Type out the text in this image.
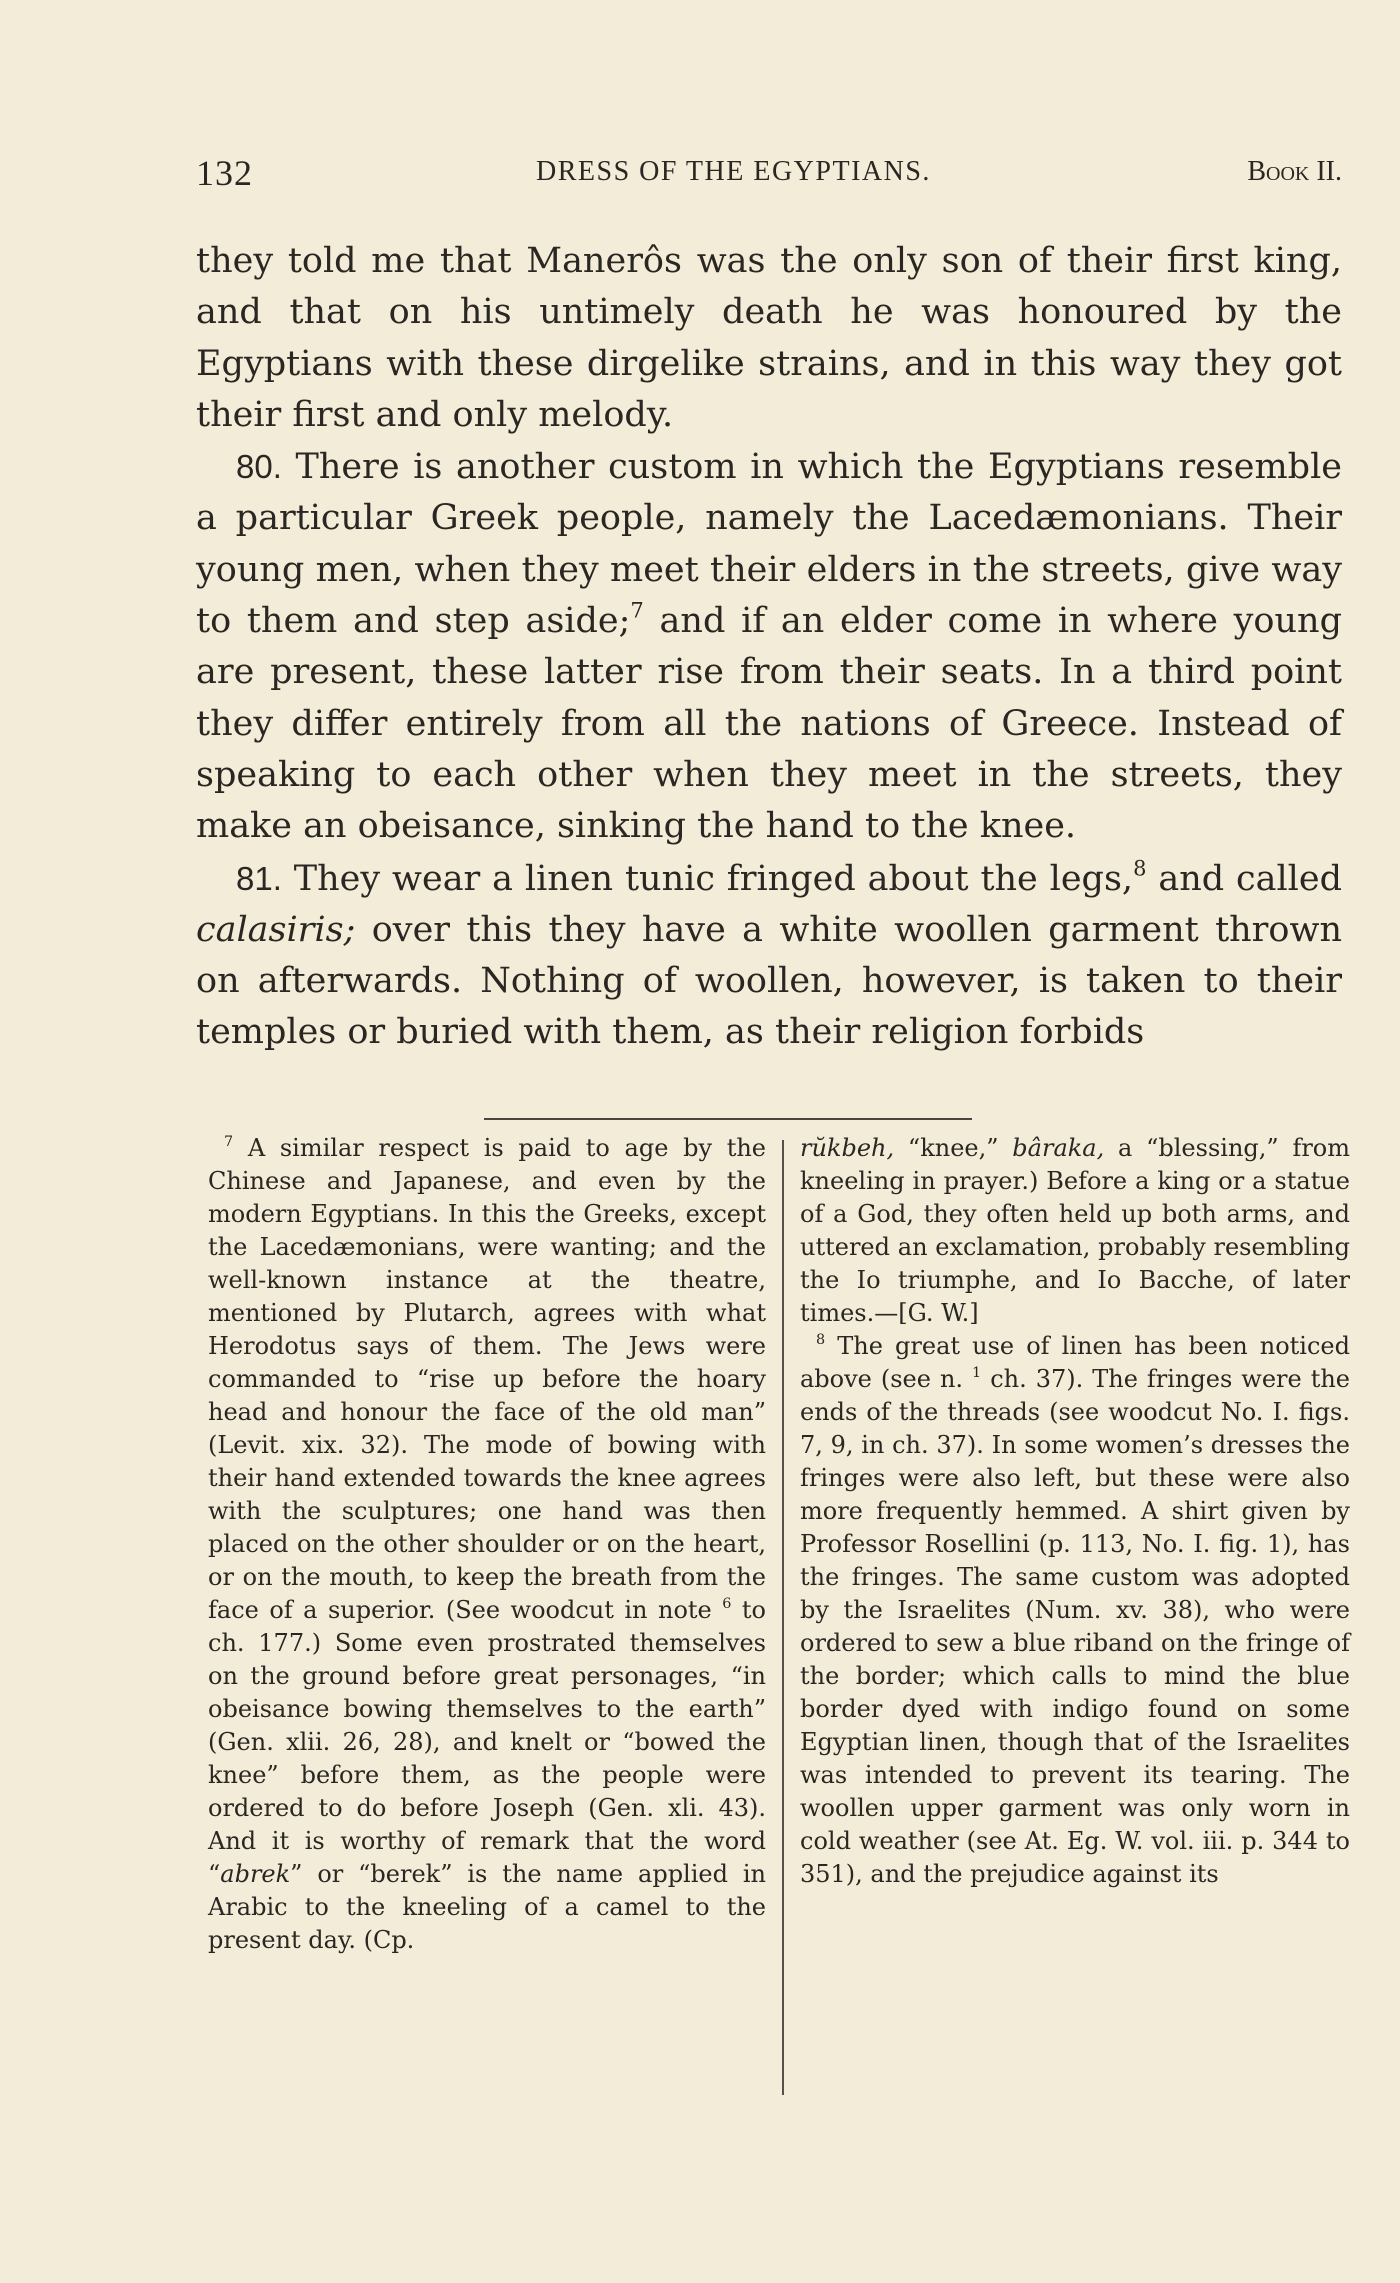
132	DRESS OF THE EGYPTIANS.	Book II.

they told me that Manerôs was the only son of their first king, and that on his untimely death he was honoured by the Egyptians with these dirgelike strains, and in this way they got their first and only melody.

80. There is another custom in which the Egyptians resemble a particular Greek people, namely the Lacedæmonians. Their young men, when they meet their elders in the streets, give way to them and step aside;$^7$ and if an elder come in where young are present, these latter rise from their seats. In a third point they differ entirely from all the nations of Greece. Instead of speaking to each other when they meet in the streets, they make an obeisance, sinking the hand to the knee.

81. They wear a linen tunic fringed about the legs,$^8$ and called calasiris; over this they have a white woollen garment thrown on afterwards. Nothing of woollen, however, is taken to their temples or buried with them, as their religion forbids

$^7$ A similar respect is paid to age by the Chinese and Japanese, and even by the modern Egyptians. In this the Greeks, except the Lacedæmonians, were wanting; and the well-known instance at the theatre, mentioned by Plutarch, agrees with what Herodotus says of them. The Jews were commanded to “rise up before the hoary head and honour the face of the old man” (Levit. xix. 32). The mode of bowing with their hand extended towards the knee agrees with the sculptures; one hand was then placed on the other shoulder or on the heart, or on the mouth, to keep the breath from the face of a superior. (See woodcut in note $^6$ to ch. 177.) Some even prostrated themselves on the ground before great personages, “in obeisance bowing themselves to the earth” (Gen. xlii. 26, 28), and knelt or “bowed the knee” before them, as the people were ordered to do before Joseph (Gen. xli. 43). And it is worthy of remark that the word “abrek” or “berek” is the name applied in Arabic to the kneeling of a camel to the present day. (Cp.

rŭkbeh, “knee,” bâraka, a “blessing,” from kneeling in prayer.) Before a king or a statue of a God, they often held up both arms, and uttered an exclamation, probably resembling the Io triumphe, and Io Bacche, of later times.—[G. W.]

$^8$ The great use of linen has been noticed above (see n. $^1$ ch. 37). The fringes were the ends of the threads (see woodcut No. I. figs. 7, 9, in ch. 37). In some women’s dresses the fringes were also left, but these were also more frequently hemmed. A shirt given by Professor Rosellini (p. 113, No. I. fig. 1), has the fringes. The same custom was adopted by the Israelites (Num. xv. 38), who were ordered to sew a blue riband on the fringe of the border; which calls to mind the blue border dyed with indigo found on some Egyptian linen, though that of the Israelites was intended to prevent its tearing. The woollen upper garment was only worn in cold weather (see At. Eg. W. vol. iii. p. 344 to 351), and the prejudice against its
